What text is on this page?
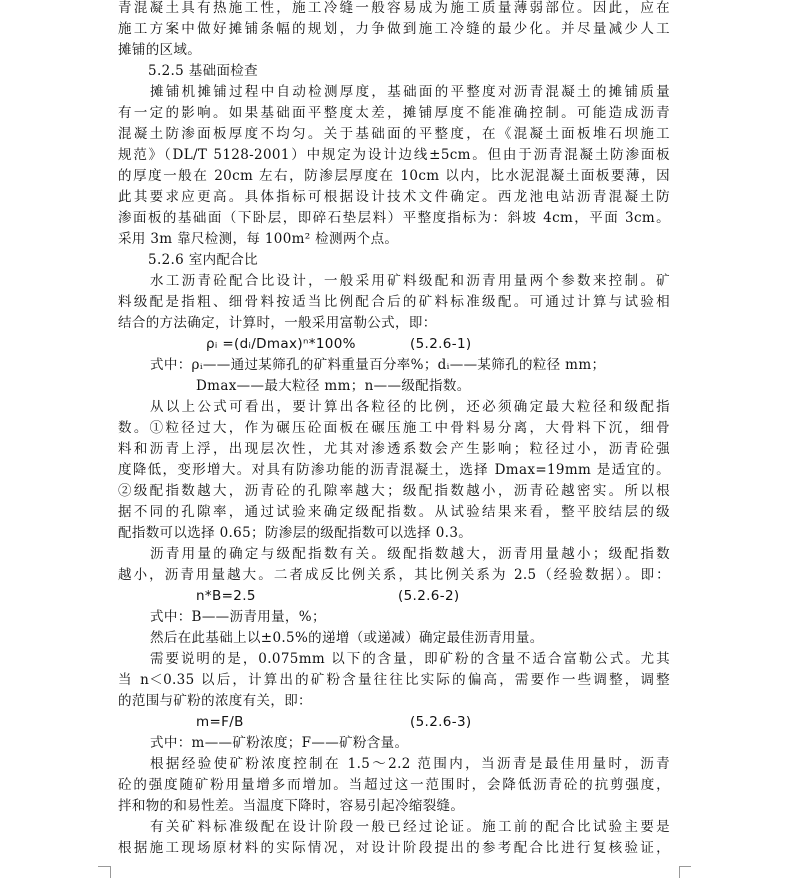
青混凝土具有热施工性，施工冷缝一般容易成为施工质量薄弱部位。因此，应在
施工方案中做好摊铺条幅的规划，力争做到施工冷缝的最少化。并尽量减少人工
摊铺的区域。
5.2.5 基础面检查
摊铺机摊铺过程中自动检测厚度，基础面的平整度对沥青混凝土的摊铺质量
有一定的影响。如果基础面平整度太差，摊铺厚度不能准确控制。可能造成沥青
混凝土防渗面板厚度不均匀。关于基础面的平整度，在《混凝土面板堆石坝施工
规范》（DL/T 5128-2001）中规定为设计边线±5cm。但由于沥青混凝土防渗面板
的厚度一般在 20cm 左右，防渗层厚度在 10cm 以内，比水泥混凝土面板要薄，因
此其要求应更高。具体指标可根据设计技术文件确定。西龙池电站沥青混凝土防
渗面板的基础面（下卧层，即碎石垫层料）平整度指标为：斜坡 4cm，平面 3cm。
采用 3m 靠尺检测，每 100m² 检测两个点。
5.2.6 室内配合比
水工沥青砼配合比设计，一般采用矿料级配和沥青用量两个参数来控制。矿
料级配是指粗、细骨料按适当比例配合后的矿料标准级配。可通过计算与试验相
结合的方法确定，计算时，一般采用富勒公式，即：
ρᵢ =(dᵢ/Dmax)ⁿ*100%	(5.2.6-1)
式中：ρᵢ——通过某筛孔的矿料重量百分率%；dᵢ——某筛孔的粒径 mm；
Dmax——最大粒径 mm；n——级配指数。
从以上公式可看出，要计算出各粒径的比例，还必须确定最大粒径和级配指
数。①粒径过大，作为碾压砼面板在碾压施工中骨料易分离，大骨料下沉，细骨
料和沥青上浮，出现层次性，尤其对渗透系数会产生影响；粒径过小，沥青砼强
度降低，变形增大。对具有防渗功能的沥青混凝土，选择 Dmax=19mm 是适宜的。
②级配指数越大，沥青砼的孔隙率越大；级配指数越小，沥青砼越密实。所以根
据不同的孔隙率，通过试验来确定级配指数。从试验结果来看，整平胶结层的级
配指数可以选择 0.65；防渗层的级配指数可以选择 0.3。
沥青用量的确定与级配指数有关。级配指数越大，沥青用量越小；级配指数
越小，沥青用量越大。二者成反比例关系，其比例关系为 2.5（经验数据）。即：
n*B=2.5	(5.2.6-2)
式中：B——沥青用量，%；
然后在此基础上以±0.5%的递增（或递减）确定最佳沥青用量。
需要说明的是，0.075mm 以下的含量，即矿粉的含量不适合富勒公式。尤其
当 n＜0.35 以后，计算出的矿粉含量往往比实际的偏高，需要作一些调整，调整
的范围与矿粉的浓度有关，即：
m=F/B	(5.2.6-3)
式中：m——矿粉浓度；F——矿粉含量。
根据经验使矿粉浓度控制在 1.5～2.2 范围内，当沥青是最佳用量时，沥青
砼的强度随矿粉用量增多而增加。当超过这一范围时，会降低沥青砼的抗剪强度，
拌和物的和易性差。当温度下降时，容易引起冷缩裂缝。
有关矿料标准级配在设计阶段一般已经过论证。施工前的配合比试验主要是
根据施工现场原材料的实际情况，对设计阶段提出的参考配合比进行复核验证，
